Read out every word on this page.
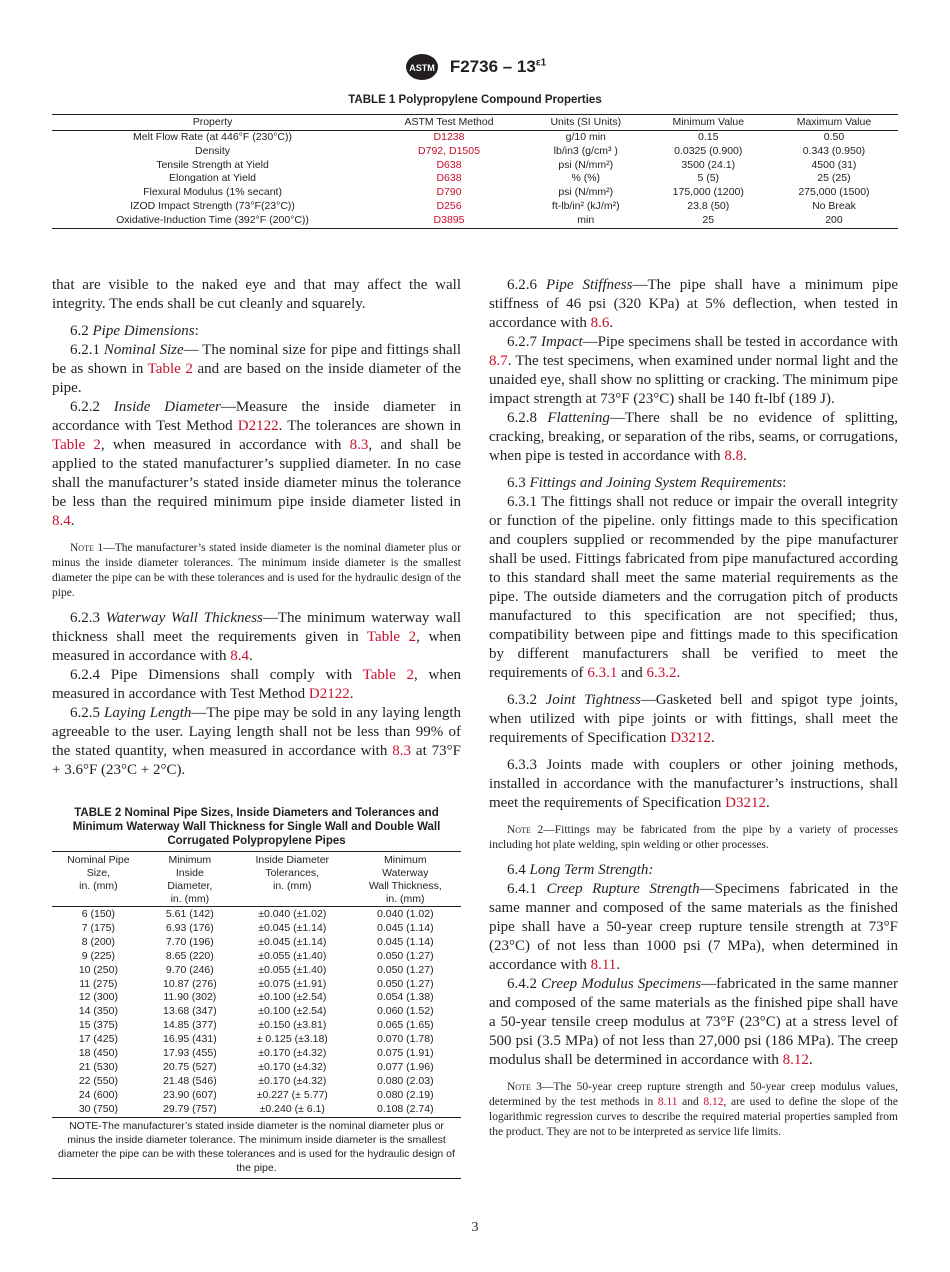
ASTM $F2736 - 13^{\varepsilon 1}$
TABLE 1 Polypropylene Compound Properties
Property	ASTM Test Method	Units (SI Units)	Minimum Value	Maximum Value
Melt Flow Rate (at 446°F (230°C))	D1238	g/10 min	0.15	0.50
Density	D792, D1505	lb/in3 (g/cm³ )	0.0325 (0.900)	0.343 (0.950)
Tensile Strength at Yield	D638	psi (N/mm²)	3500 (24.1)	4500 (31)
Elongation at Yield	D638	% (%)	5 (5)	25 (25)
Flexural Modulus (1% secant)	D790	psi (N/mm²)	175,000 (1200)	275,000 (1500)
IZOD Impact Strength (73°F(23°C))	D256	ft-lb/in² (kJ/m²)	23.8 (50)	No Break
Oxidative-Induction Time (392°F (200°C))	D3895	min	25	200

that are visible to the naked eye and that may affect the wall integrity. The ends shall be cut cleanly and squarely.

6.2 Pipe Dimensions:

6.2.1 Nominal Size— The nominal size for pipe and fittings shall be as shown in Table 2 and are based on the inside diameter of the pipe.

6.2.2 Inside Diameter—Measure the inside diameter in accordance with Test Method D2122. The tolerances are shown in Table 2, when measured in accordance with 8.3, and shall be applied to the stated manufacturer’s supplied diameter. In no case shall the manufacturer’s stated inside diameter minus the tolerance be less than the required minimum pipe inside diameter listed in 8.4.

Note 1—The manufacturer’s stated inside diameter is the nominal diameter plus or minus the inside diameter tolerances. The minimum inside diameter is the smallest diameter the pipe can be with these tolerances and is used for the hydraulic design of the pipe.

6.2.3 Waterway Wall Thickness—The minimum waterway wall thickness shall meet the requirements given in Table 2, when measured in accordance with 8.4.

6.2.4 Pipe Dimensions shall comply with Table 2, when measured in accordance with Test Method D2122.

6.2.5 Laying Length—The pipe may be sold in any laying length agreeable to the user. Laying length shall not be less than 99% of the stated quantity, when measured in accordance with 8.3 at 73°F + 3.6°F (23°C + 2°C).

6.2.6 Pipe Stiffness—The pipe shall have a minimum pipe stiffness of 46 psi (320 KPa) at 5% deflection, when tested in accordance with 8.6.

6.2.7 Impact—Pipe specimens shall be tested in accordance with 8.7. The test specimens, when examined under normal light and the unaided eye, shall show no splitting or cracking. The minimum pipe impact strength at 73°F (23°C) shall be 140 ft-lbf (189 J).

6.2.8 Flattening—There shall be no evidence of splitting, cracking, breaking, or separation of the ribs, seams, or corrugations, when pipe is tested in accordance with 8.8.

6.3 Fittings and Joining System Requirements:

6.3.1 The fittings shall not reduce or impair the overall integrity or function of the pipeline. only fittings made to this specification and couplers supplied or recommended by the pipe manufacturer shall be used. Fittings fabricated from pipe manufactured according to this standard shall meet the same material requirements as the pipe. The outside diameters and the corrugation pitch of products manufactured to this specification are not specified; thus, compatibility between pipe and fittings made to this specification by different manufacturers shall be verified to meet the requirements of 6.3.1 and 6.3.2.

6.3.2 Joint Tightness—Gasketed bell and spigot type joints, when utilized with pipe joints or with fittings, shall meet the requirements of Specification D3212.

6.3.3 Joints made with couplers or other joining methods, installed in accordance with the manufacturer’s instructions, shall meet the requirements of Specification D3212.

Note 2—Fittings may be fabricated from the pipe by a variety of processes including hot plate welding, spin welding or other processes.

6.4 Long Term Strength:

6.4.1 Creep Rupture Strength—Specimens fabricated in the same manner and composed of the same materials as the finished pipe shall have a 50-year creep rupture tensile strength at 73°F (23°C) of not less than 1000 psi (7 MPa), when determined in accordance with 8.11.

6.4.2 Creep Modulus Specimens—fabricated in the same manner and composed of the same materials as the finished pipe shall have a 50-year tensile creep modulus at 73°F (23°C) at a stress level of 500 psi (3.5 MPa) of not less than 27,000 psi (186 MPa). The creep modulus shall be determined in accordance with 8.12.

Note 3—The 50-year creep rupture strength and 50-year creep modulus values, determined by the test methods in 8.11 and 8.12, are used to define the slope of the logarithmic regression curves to describe the required material properties sampled from the product. They are not to be interpreted as service life limits.

TABLE 2 Nominal Pipe Sizes, Inside Diameters and Tolerances and Minimum Waterway Wall Thickness for Single Wall and Double Wall Corrugated Polypropylene Pipes
Nominal Pipe
Size,
in. (mm)	Minimum
Inside
Diameter,
in. (mm)	Inside Diameter
Tolerances,
in. (mm)	Minimum
Waterway
Wall Thickness,
in. (mm)
6 (150)	5.61 (142)	±0.040 (±1.02)	0.040 (1.02)
7 (175)	6.93 (176)	±0.045 (±1.14)	0.045 (1.14)
8 (200)	7.70 (196)	±0.045 (±1.14)	0.045 (1.14)
9 (225)	8.65 (220)	±0.055 (±1.40)	0.050 (1.27)
10 (250)	9.70 (246)	±0.055 (±1.40)	0.050 (1.27)
11 (275)	10.87 (276)	±0.075 (±1.91)	0.050 (1.27)
12 (300)	11.90 (302)	±0.100 (±2.54)	0.054 (1.38)
14 (350)	13.68 (347)	±0.100 (±2.54)	0.060 (1.52)
15 (375)	14.85 (377)	±0.150 (±3.81)	0.065 (1.65)
17 (425)	16.95 (431)	± 0.125 (±3.18)	0.070 (1.78)
18 (450)	17.93 (455)	±0.170 (±4.32)	0.075 (1.91)
21 (530)	20.75 (527)	±0.170 (±4.32)	0.077 (1.96)
22 (550)	21.48 (546)	±0.170 (±4.32)	0.080 (2.03)
24 (600)	23.90 (607)	±0.227 (± 5.77)	0.080 (2.19)
30 (750)	29.79 (757)	±0.240 (± 6.1)	0.108 (2.74)
NOTE-The manufacturer’s stated inside diameter is the nominal diameter plus or minus the inside diameter tolerance. The minimum inside diameter is the smallest diameter the pipe can be with these tolerances and is used for the hydraulic design of the pipe.			
3
